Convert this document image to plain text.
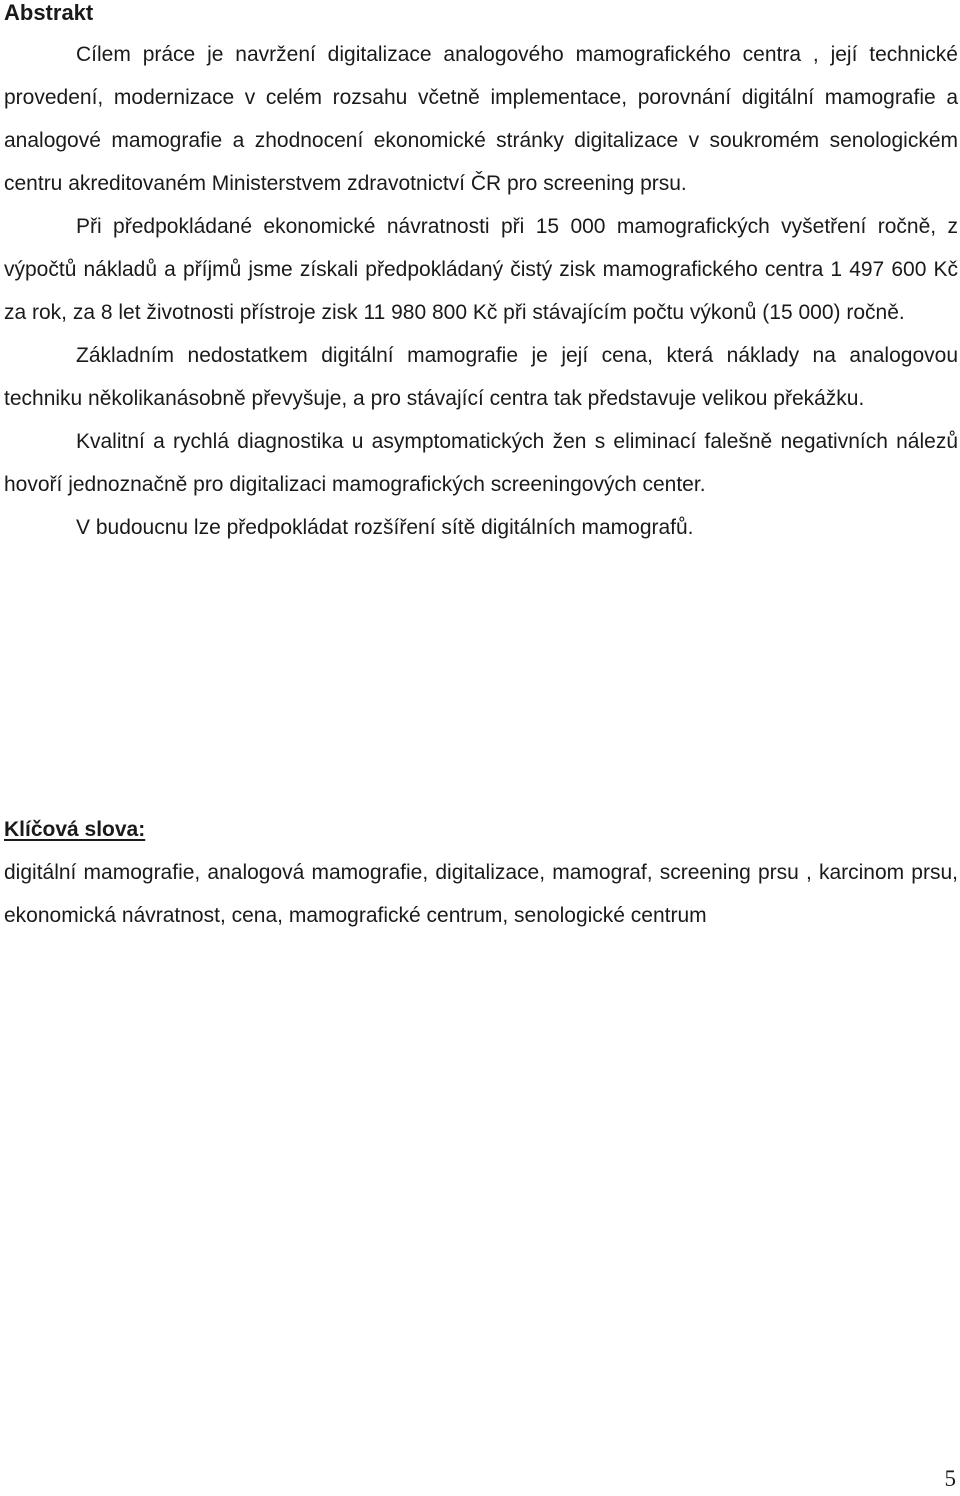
Abstrakt

Cílem práce je navržení digitalizace analogového mamografického centra , její technické provedení, modernizace v celém rozsahu včetně implementace, porovnání digitální mamografie a analogové mamografie a zhodnocení ekonomické stránky digitalizace v soukromém senologickém centru akreditovaném Ministerstvem zdravotnictví ČR pro screening prsu.

Při předpokládané ekonomické návratnosti při 15 000 mamografických vyšetření ročně, z výpočtů nákladů a příjmů jsme získali předpokládaný čistý zisk mamografického centra 1 497 600 Kč za rok, za 8 let životnosti přístroje zisk 11 980 800 Kč při stávajícím počtu výkonů (15 000) ročně.

Základním nedostatkem digitální mamografie je její cena, která náklady na analogovou techniku několikanásobně převyšuje, a pro stávající centra tak představuje velikou překážku.

Kvalitní a rychlá diagnostika u asymptomatických žen s eliminací falešně negativních nálezů hovoří jednoznačně pro digitalizaci mamografických screeningových center.

V budoucnu lze předpokládat rozšíření sítě digitálních mamografů.

Klíčová slova:

digitální mamografie, analogová mamografie, digitalizace, mamograf, screening prsu , karcinom prsu, ekonomická návratnost, cena, mamografické centrum, senologické centrum

5
